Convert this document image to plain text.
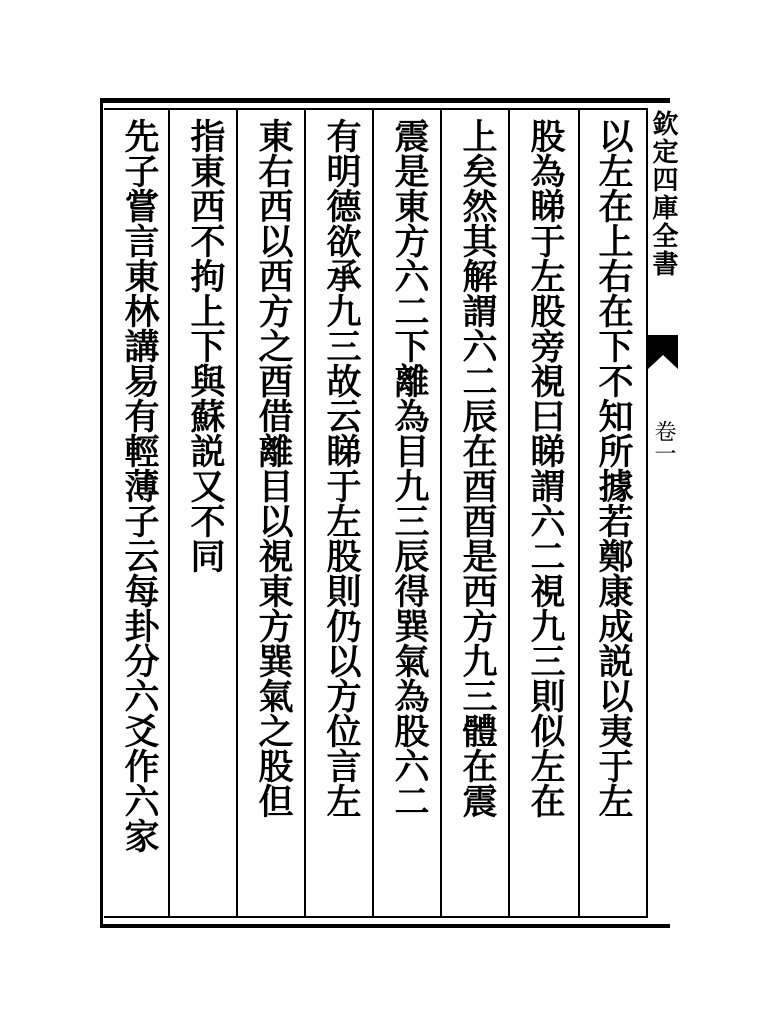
以左在上右在下不知所據若鄭康成説以夷于左
股為睇于左股旁視曰睇謂六二視九三則似左在
上矣然其解謂六二辰在酉酉是西方九三體在震
震是東方六二下離為目九三辰得巽氣為股六二
有明德欲承九三故云睇于左股則仍以方位言左
東右西以西方之酉借離目以視東方巽氣之股但
指東西不拘上下與蘇説又不同
先子嘗言東林講易有輕薄子云每卦分六爻作六家	欽定四庫全書
卷一
